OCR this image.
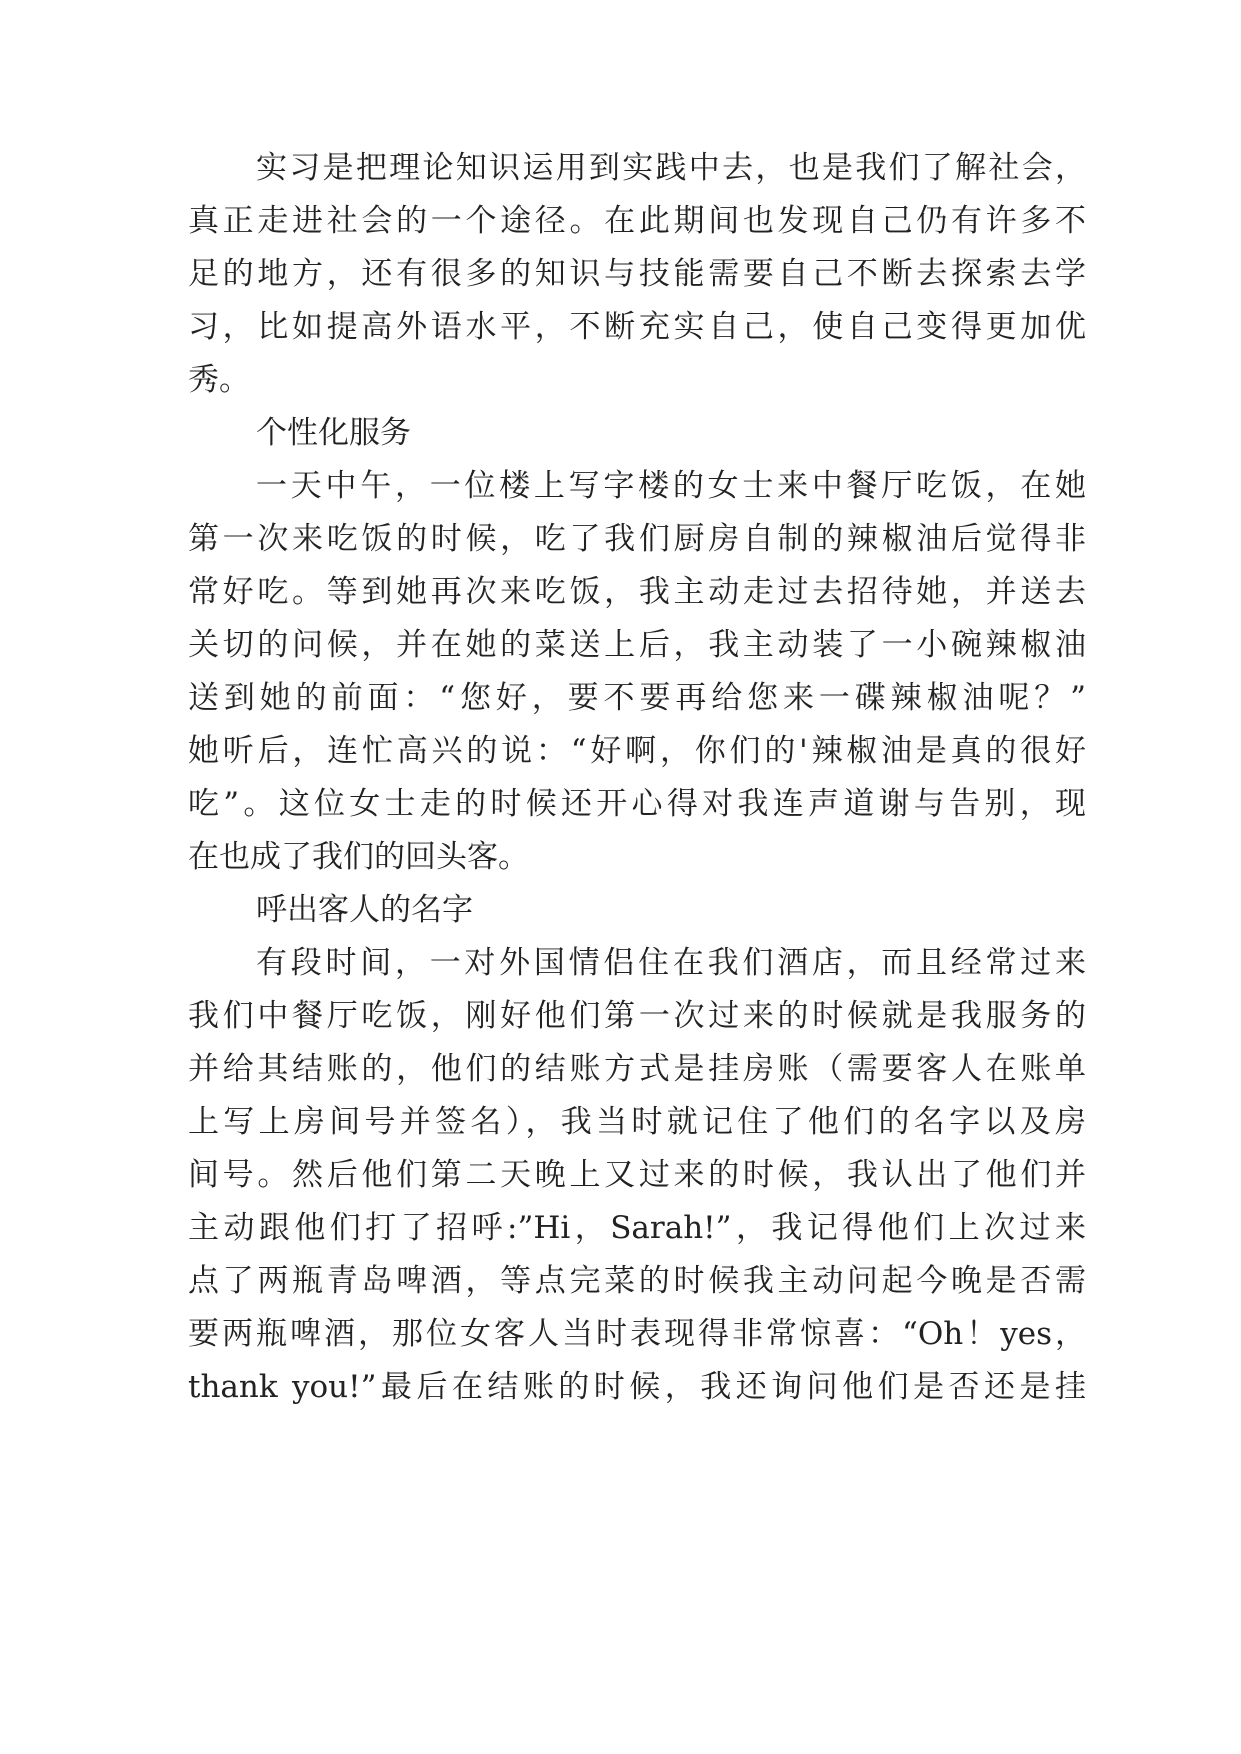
实习是把理论知识运用到实践中去，也是我们了解社会，
真正走进社会的一个途径。在此期间也发现自己仍有许多不
足的地方，还有很多的知识与技能需要自己不断去探索去学
习，比如提高外语水平，不断充实自己，使自己变得更加优
秀。
个性化服务
一天中午，一位楼上写字楼的女士来中餐厅吃饭，在她
第一次来吃饭的时候，吃了我们厨房自制的辣椒油后觉得非
常好吃。等到她再次来吃饭，我主动走过去招待她，并送去
关切的问候，并在她的菜送上后，我主动装了一小碗辣椒油
送到她的前面：“您好，要不要再给您来一碟辣椒油呢？”
她听后，连忙高兴的说：“好啊，你们的'辣椒油是真的很好
吃”。这位女士走的时候还开心得对我连声道谢与告别，现
在也成了我们的回头客。
呼出客人的名字
有段时间，一对外国情侣住在我们酒店，而且经常过来
我们中餐厅吃饭，刚好他们第一次过来的时候就是我服务的
并给其结账的，他们的结账方式是挂房账（需要客人在账单
上写上房间号并签名），我当时就记住了他们的名字以及房
间号。然后他们第二天晚上又过来的时候，我认出了他们并
主动跟他们打了招呼:”Hi，Sarah!”，我记得他们上次过来
点了两瓶青岛啤酒，等点完菜的时候我主动问起今晚是否需
要两瓶啤酒，那位女客人当时表现得非常惊喜：“Oh！yes，
thank you!”最后在结账的时候，我还询问他们是否还是挂
